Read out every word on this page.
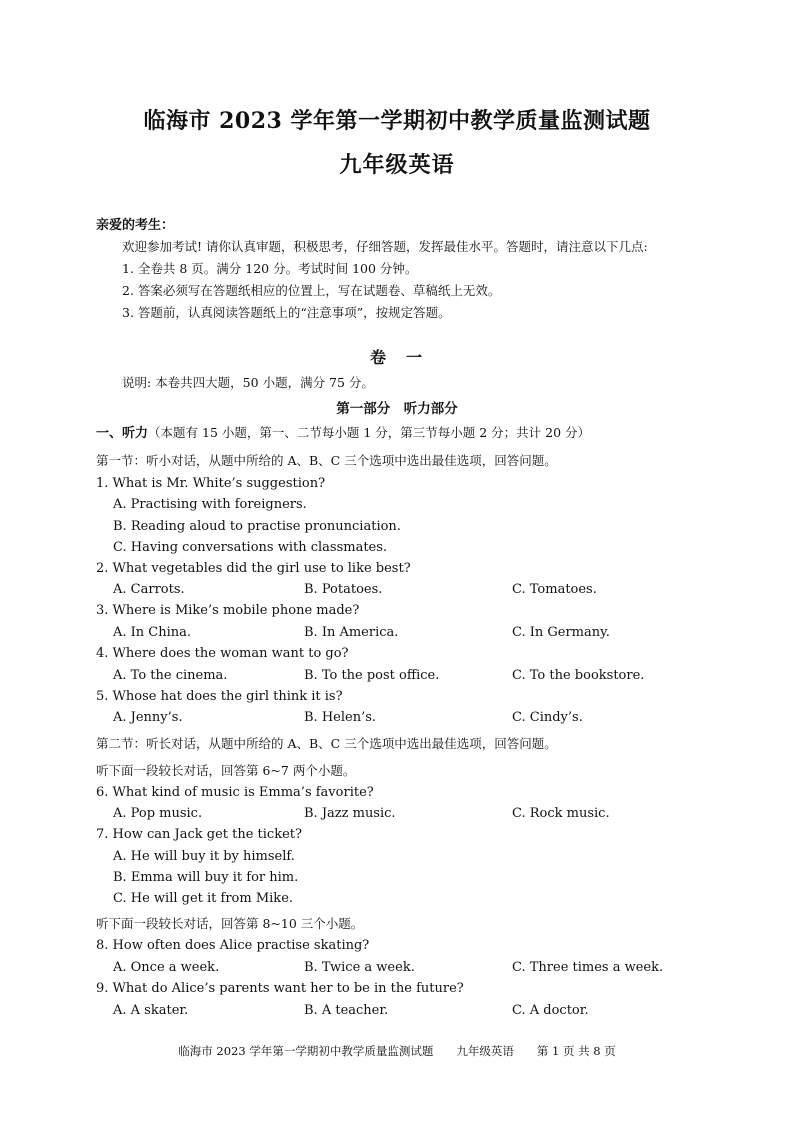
临海市 2023 学年第一学期初中教学质量监测试题
九年级英语
亲爱的考生：
欢迎参加考试! 请你认真审题，积极思考，仔细答题，发挥最佳水平。答题时，请注意以下几点:
1. 全卷共 8 页。满分 120 分。考试时间 100 分钟。
2. 答案必须写在答题纸相应的位置上，写在试题卷、草稿纸上无效。
3. 答题前，认真阅读答题纸上的“注意事项”，按规定答题。
卷　一
说明: 本卷共四大题，50 小题，满分 75 分。
第一部分　听力部分
一、听力（本题有 15 小题，第一、二节每小题 1 分，第三节每小题 2 分；共计 20 分）
第一节：听小对话，从题中所给的 A、B、C 三个选项中选出最佳选项，回答问题。
1. What is Mr. White’s suggestion?
A. Practising with foreigners.
B. Reading aloud to practise pronunciation.
C. Having conversations with classmates.
2. What vegetables did the girl use to like best?
A. Carrots.	B. Potatoes.	C. Tomatoes.
3. Where is Mike’s mobile phone made?
A. In China.	B. In America.	C. In Germany.
4. Where does the woman want to go?
A. To the cinema.	B. To the post office.	C. To the bookstore.
5. Whose hat does the girl think it is?
A. Jenny’s.	B. Helen’s.	C. Cindy’s.
第二节：听长对话，从题中所给的 A、B、C 三个选项中选出最佳选项，回答问题。
听下面一段较长对话，回答第 6~7 两个小题。
6. What kind of music is Emma’s favorite?
A. Pop music.	B. Jazz music.	C. Rock music.
7. How can Jack get the ticket?
A. He will buy it by himself.
B. Emma will buy it for him.
C. He will get it from Mike.
听下面一段较长对话，回答第 8~10 三个小题。
8. How often does Alice practise skating?
A. Once a week.	B. Twice a week.	C. Three times a week.
9. What do Alice’s parents want her to be in the future?
A. A skater.	B. A teacher.	C. A doctor.
临海市 2023 学年第一学期初中教学质量监测试题　　九年级英语　　第 1 页 共 8 页
